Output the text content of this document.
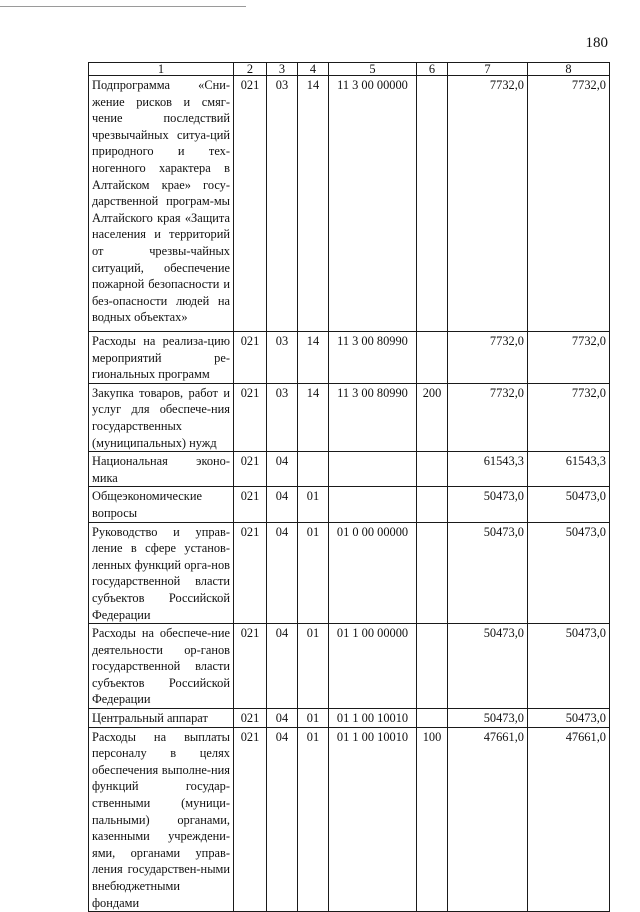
180
1	2	3	4	5	6	7	8
Подпрограмма «Сни-жение рисков и смяг-чение последствий чрезвычайных ситуа-ций природного и тех-ногенного характера в Алтайском крае» госу-дарственной програм-мы Алтайского края «Защита населения и территорий от чрезвы-чайных ситуаций, обеспечение пожарной безопасности и без-опасности людей на водных объектах»	021	03	14	11 3 00 00000		7732,0	7732,0
Расходы на реализа-цию мероприятий ре-гиональных программ	021	03	14	11 3 00 80990		7732,0	7732,0
Закупка товаров, работ и услуг для обеспече-ния государственных (муниципальных) нужд	021	03	14	11 3 00 80990	200	7732,0	7732,0
Национальная эконо-мика	021	04				61543,3	61543,3
Общеэкономические вопросы	021	04	01			50473,0	50473,0
Руководство и управ-ление в сфере установ-ленных функций орга-нов государственной власти субъектов Российской Федерации	021	04	01	01 0 00 00000		50473,0	50473,0
Расходы на обеспече-ние деятельности ор-ганов государственной власти субъектов Российской Федерации	021	04	01	01 1 00 00000		50473,0	50473,0
Центральный аппарат	021	04	01	01 1 00 10010		50473,0	50473,0
Расходы на выплаты персоналу в целях обеспечения выполне-ния функций государ-ственными (муници-пальными) органами, казенными учреждени-ями, органами управ-ления государствен-ными внебюджетными фондами	021	04	01	01 1 00 10010	100	47661,0	47661,0
